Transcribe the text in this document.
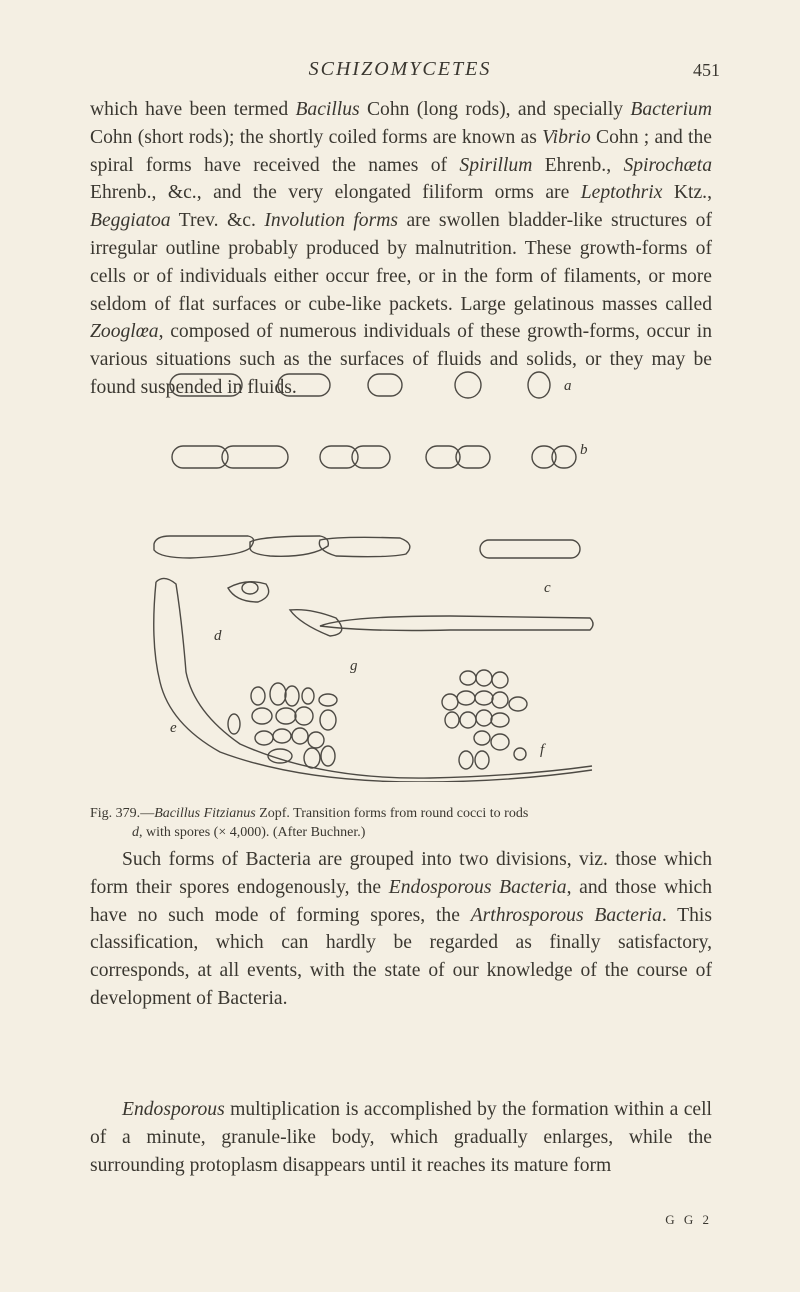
SCHIZOMYCETES	451

which have been termed Bacillus Cohn (long rods), and specially Bacterium Cohn (short rods); the shortly coiled forms are known as Vibrio Cohn ; and the spiral forms have received the names of Spirillum Ehrenb., Spirochæta Ehrenb., &c., and the very elongated filiform orms are Leptothrix Ktz., Beggiatoa Trev. &c. Involution forms are swollen bladder-like structures of irregular outline probably produced by malnutrition. These growth-forms of cells or of individuals either occur free, or in the form of filaments, or more seldom of flat surfaces or cube-like packets. Large gelatinous masses called Zooglœa, composed of numerous individuals of these growth-forms, occur in various situations such as the surfaces of fluids and solids, or they may be found suspended in fluids.	a
b
c
d
e
g
f
Fig. 379.—Bacillus Fitzianus Zopf. Transition forms from round cocci to rods
d, with spores (× 4,000). (After Buchner.)

Such forms of Bacteria are grouped into two divisions, viz. those which form their spores endogenously, the Endosporous Bacteria, and those which have no such mode of forming spores, the Arthrosporous Bacteria. This classification, which can hardly be regarded as finally satisfactory, corresponds, at all events, with the state of our knowledge of the course of development of Bacteria.

Endosporous multiplication is accomplished by the formation within a cell of a minute, granule-like body, which gradually enlarges, while the surrounding protoplasm disappears until it reaches its mature form

G G 2
